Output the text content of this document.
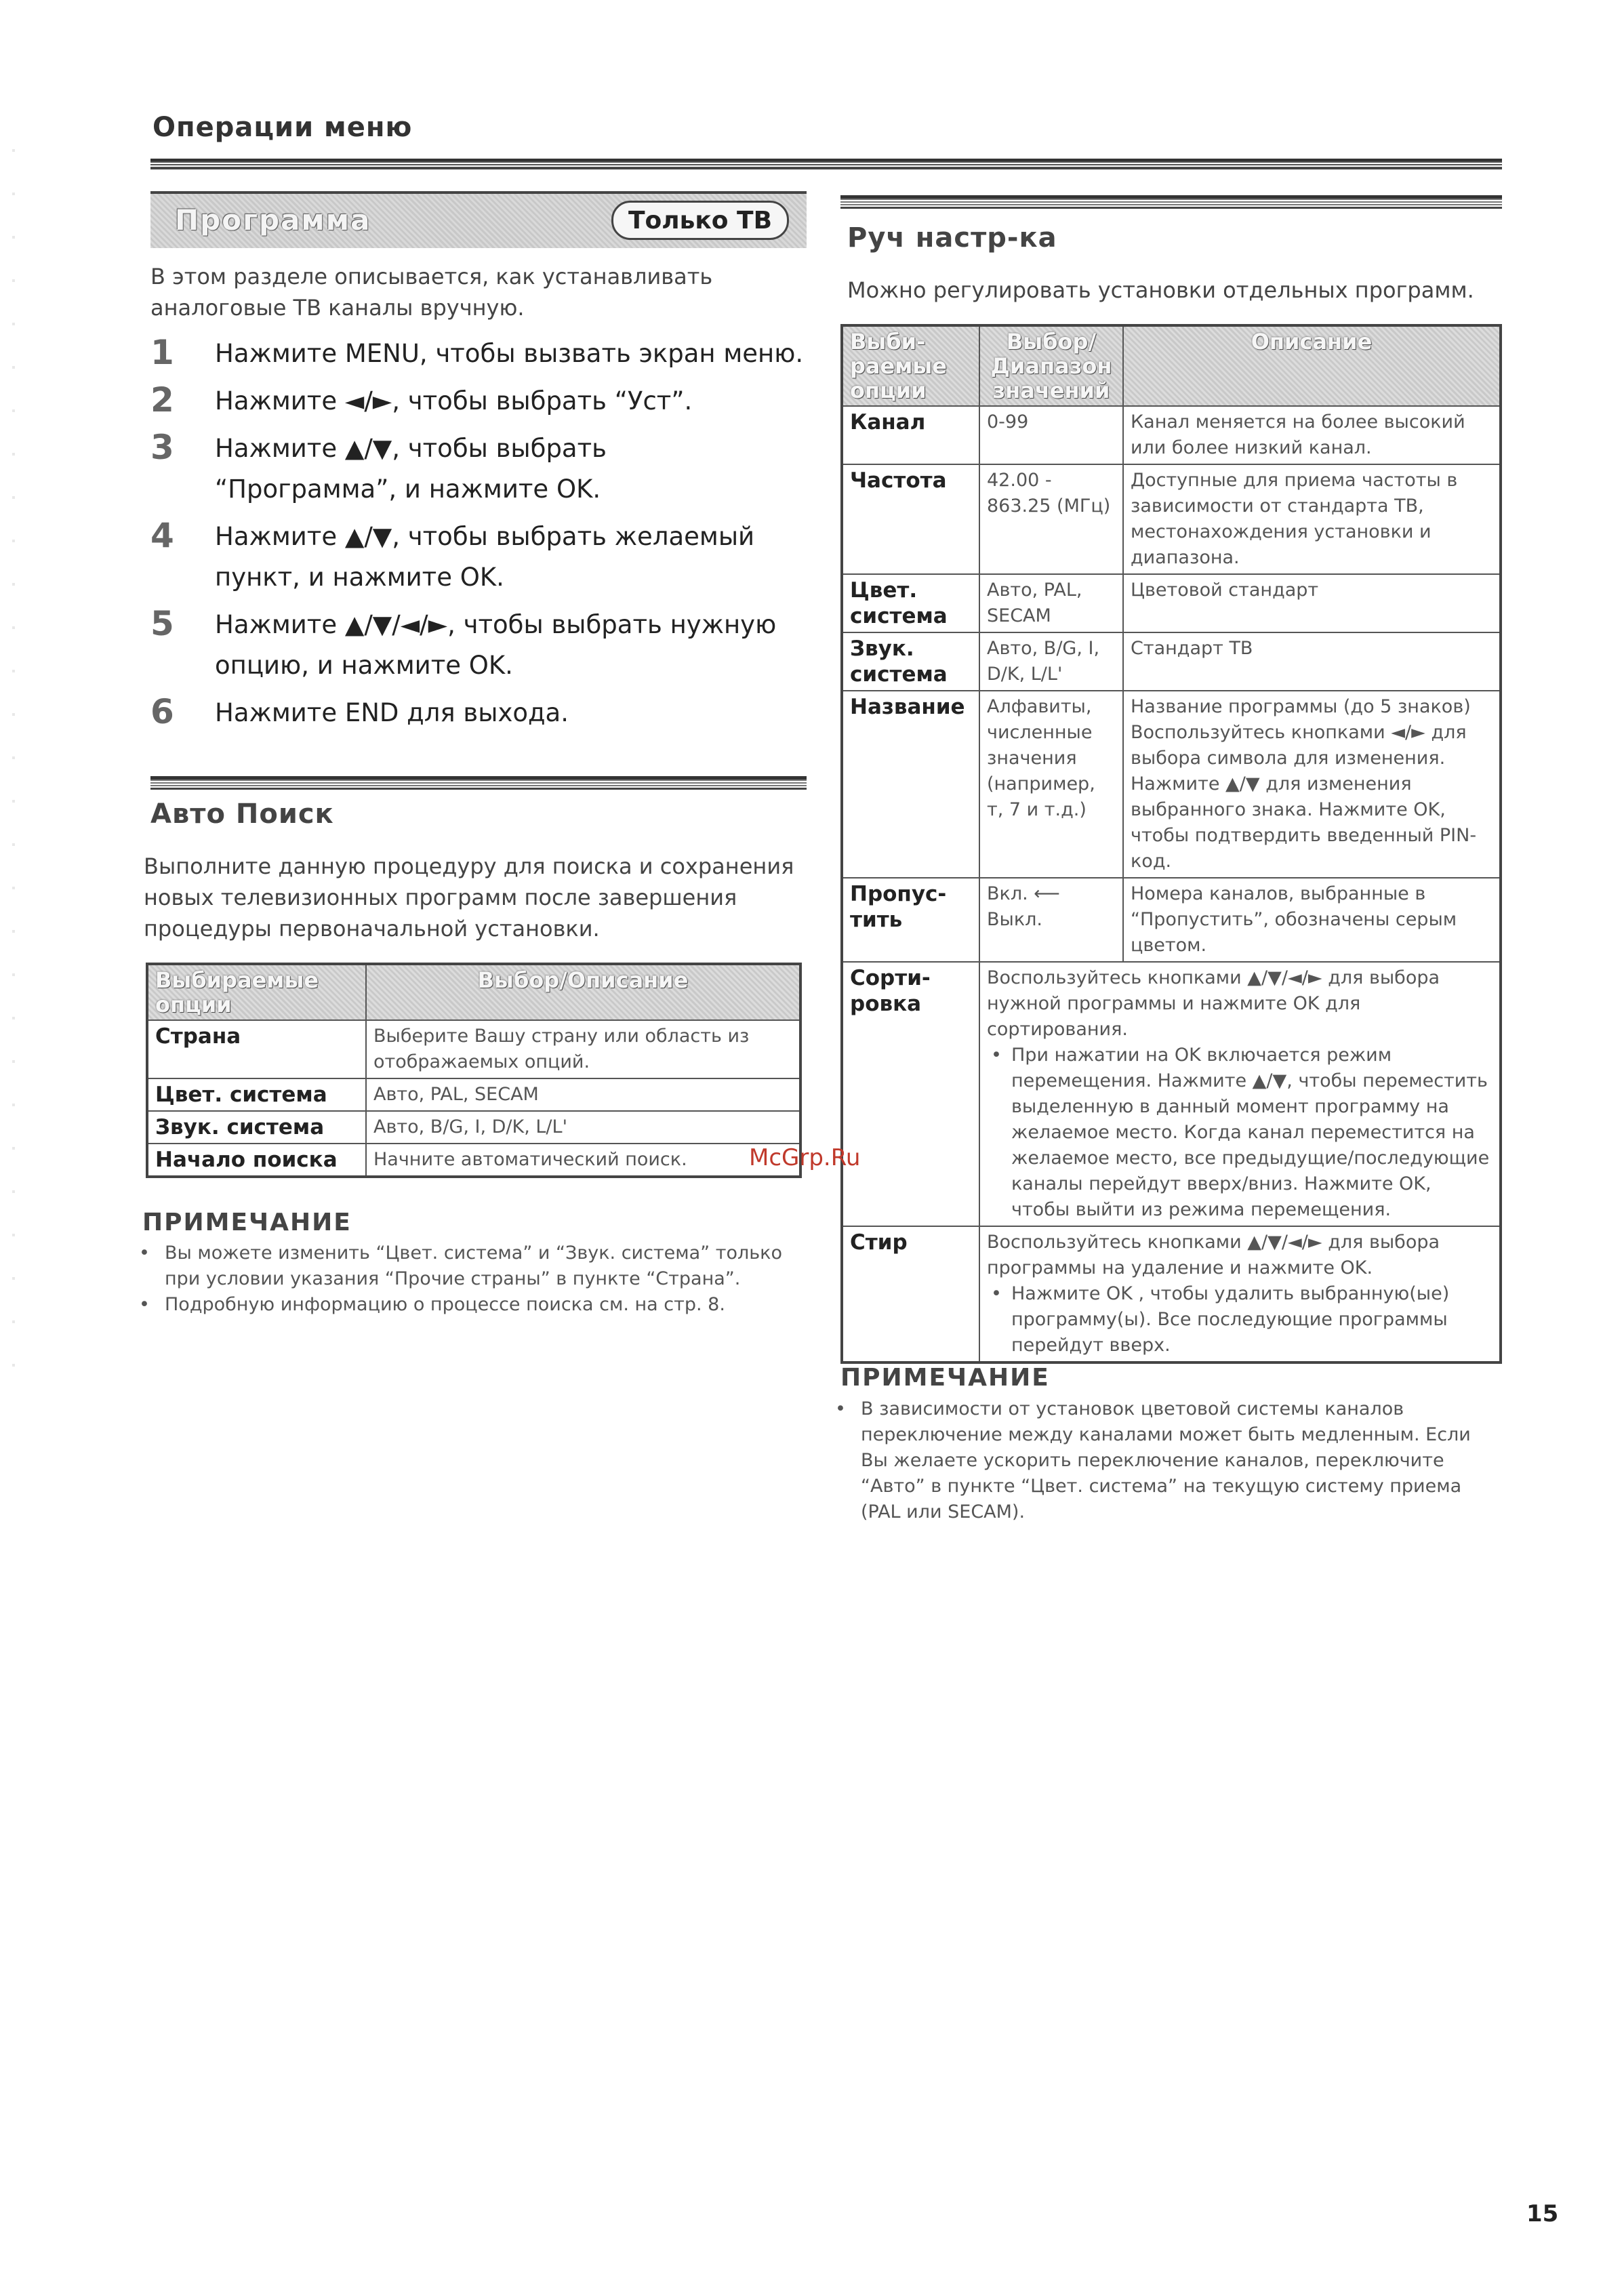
Операции меню
Программа	Только ТВ
В этом разделе описывается, как устанавливать аналоговые ТВ каналы вручную.
1	Нажмите MENU, чтобы вызвать экран меню.
2	Нажмите ◄/►, чтобы выбрать “Уст”.
3	Нажмите ▲/▼, чтобы выбрать “Программа”, и нажмите OK.
4	Нажмите ▲/▼, чтобы выбрать желаемый пункт, и нажмите OK.
5	Нажмите ▲/▼/◄/►, чтобы выбрать нужную опцию, и нажмите OK.
6	Нажмите END для выхода.
Авто Поиск
Выполните данную процедуру для поиска и сохранения новых телевизионных программ после завершения процедуры первоначальной установки.
Выбираемые опции	Выбор/Описание
Страна	Выберите Вашу страну или область из отображаемых опций.
Цвет. система	Авто, PAL, SECAM
Звук. система	Авто, B/G, I, D/K, L/L'
Начало поиска	Начните автоматический поиск.
ПРИМЕЧАНИЕ
• Вы можете изменить “Цвет. система” и “Звук. система” только при условии указания “Прочие страны” в пункте “Страна”.
• Подробную информацию о процессе поиска см. на стр. 8.
Руч настр-ка
Можно регулировать установки отдельных программ.
Выби-раемые опции	Выбор/ Диапазон значений	Описание
Канал	0-99	Канал меняется на более высокий или более низкий канал.
Частота	42.00 - 863.25 (МГц)	Доступные для приема частоты в зависимости от стандарта ТВ, местонахождения установки и диапазона.
Цвет. система	Авто, PAL, SECAM	Цветовой стандарт
Звук. система	Авто, B/G, I, D/K, L/L'	Стандарт ТВ
Название	Алфавиты, численные значения (например, т, 7 и т.д.)	Название программы (до 5 знаков) Воспользуйтесь кнопками ◄/► для выбора символа для изменения. Нажмите ▲/▼ для изменения выбранного знака. Нажмите OK, чтобы подтвердить введенный PIN-код.
Пропус-тить	Вкл. ⟵ Выкл.	Номера каналов, выбранные в “Пропустить”, обозначены серым цветом.
Сорти-ровка	Воспользуйтесь кнопками ▲/▼/◄/► для выбора нужной программы и нажмите OK для сортирования.
• При нажатии на OK включается режим перемещения. Нажмите ▲/▼, чтобы переместить выделенную в данный момент программу на желаемое место. Когда канал переместится на желаемое место, все предыдущие/последующие каналы перейдут вверх/вниз. Нажмите OK, чтобы выйти из режима перемещения.	

Стир	Воспользуйтесь кнопками ▲/▼/◄/► для выбора программы на удаление и нажмите OK.
• Нажмите OK , чтобы удалить выбранную(ые) программу(ы). Все последующие программы перейдут вверх.	
ПРИМЕЧАНИЕ
• В зависимости от установок цветовой системы каналов переключение между каналами может быть медленным. Если Вы желаете ускорить переключение каналов, переключите “Авто” в пункте “Цвет. система” на текущую систему приема (PAL или SECAM).
McGrp.Ru
15
